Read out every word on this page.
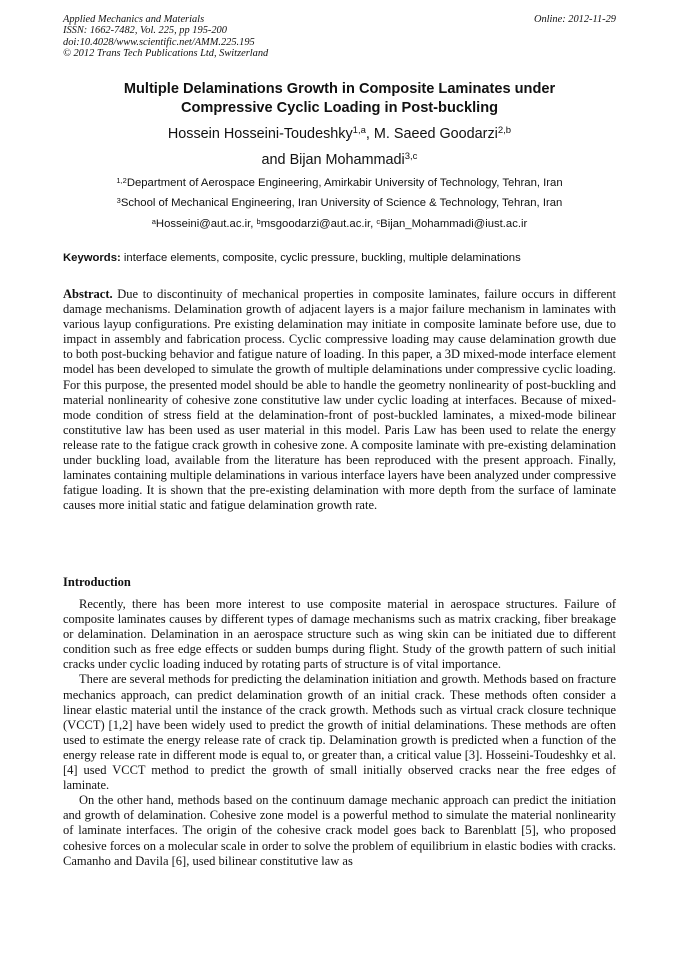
Applied Mechanics and Materials
ISSN: 1662-7482, Vol. 225, pp 195-200
doi:10.4028/www.scientific.net/AMM.225.195
© 2012 Trans Tech Publications Ltd, Switzerland
Online: 2012-11-29
Multiple Delaminations Growth in Composite Laminates under
Compressive Cyclic Loading in Post-buckling
Hossein Hosseini-Toudeshky$^{1,a}$, M. Saeed Goodarzi$^{2,b}$
and Bijan Mohammadi$^{3,c}$
$^{1,2}$Department of Aerospace Engineering, Amirkabir University of Technology, Tehran, Iran
$^3$School of Mechanical Engineering, Iran University of Science & Technology, Tehran, Iran
$^a$Hosseini@aut.ac.ir, $^b$msgoodarzi@aut.ac.ir, $^c$Bijan_Mohammadi@iust.ac.ir
Keywords: interface elements, composite, cyclic pressure, buckling, multiple delaminations
Abstract. Due to discontinuity of mechanical properties in composite laminates, failure occurs in different damage mechanisms. Delamination growth of adjacent layers is a major failure mechanism in laminates with various layup configurations. Pre existing delamination may initiate in composite laminate before use, due to impact in assembly and fabrication process. Cyclic compressive loading may cause delamination growth due to both post-bucking behavior and fatigue nature of loading. In this paper, a 3D mixed-mode interface element model has been developed to simulate the growth of multiple delaminations under compressive cyclic loading. For this purpose, the presented model should be able to handle the geometry nonlinearity of post-buckling and material nonlinearity of cohesive zone constitutive law under cyclic loading at interfaces. Because of mixed-mode condition of stress field at the delamination-front of post-buckled laminates, a mixed-mode bilinear constitutive law has been used as user material in this model. Paris Law has been used to relate the energy release rate to the fatigue crack growth in cohesive zone. A composite laminate with pre-existing delamination under buckling load, available from the literature has been reproduced with the present approach. Finally, laminates containing multiple delaminations in various interface layers have been analyzed under compressive fatigue loading. It is shown that the pre-existing delamination with more depth from the surface of laminate causes more initial static and fatigue delamination growth rate.
Introduction

Recently, there has been more interest to use composite material in aerospace structures. Failure of composite laminates causes by different types of damage mechanisms such as matrix cracking, fiber breakage or delamination. Delamination in an aerospace structure such as wing skin can be initiated due to different condition such as free edge effects or sudden bumps during flight. Study of the growth pattern of such initial cracks under cyclic loading induced by rotating parts of structure is of vital importance.

There are several methods for predicting the delamination initiation and growth. Methods based on fracture mechanics approach, can predict delamination growth of an initial crack. These methods often consider a linear elastic material until the instance of the crack growth. Methods such as virtual crack closure technique (VCCT) [1,2] have been widely used to predict the growth of initial delaminations. These methods are often used to estimate the energy release rate of crack tip. Delamination growth is predicted when a function of the energy release rate in different mode is equal to, or greater than, a critical value [3]. Hosseini-Toudeshky et al. [4] used VCCT method to predict the growth of small initially observed cracks near the free edges of laminate.

On the other hand, methods based on the continuum damage mechanic approach can predict the initiation and growth of delamination. Cohesive zone model is a powerful method to simulate the material nonlinearity of laminate interfaces. The origin of the cohesive crack model goes back to Barenblatt [5], who proposed cohesive forces on a molecular scale in order to solve the problem of equilibrium in elastic bodies with cracks. Camanho and Davila [6], used bilinear constitutive law as
